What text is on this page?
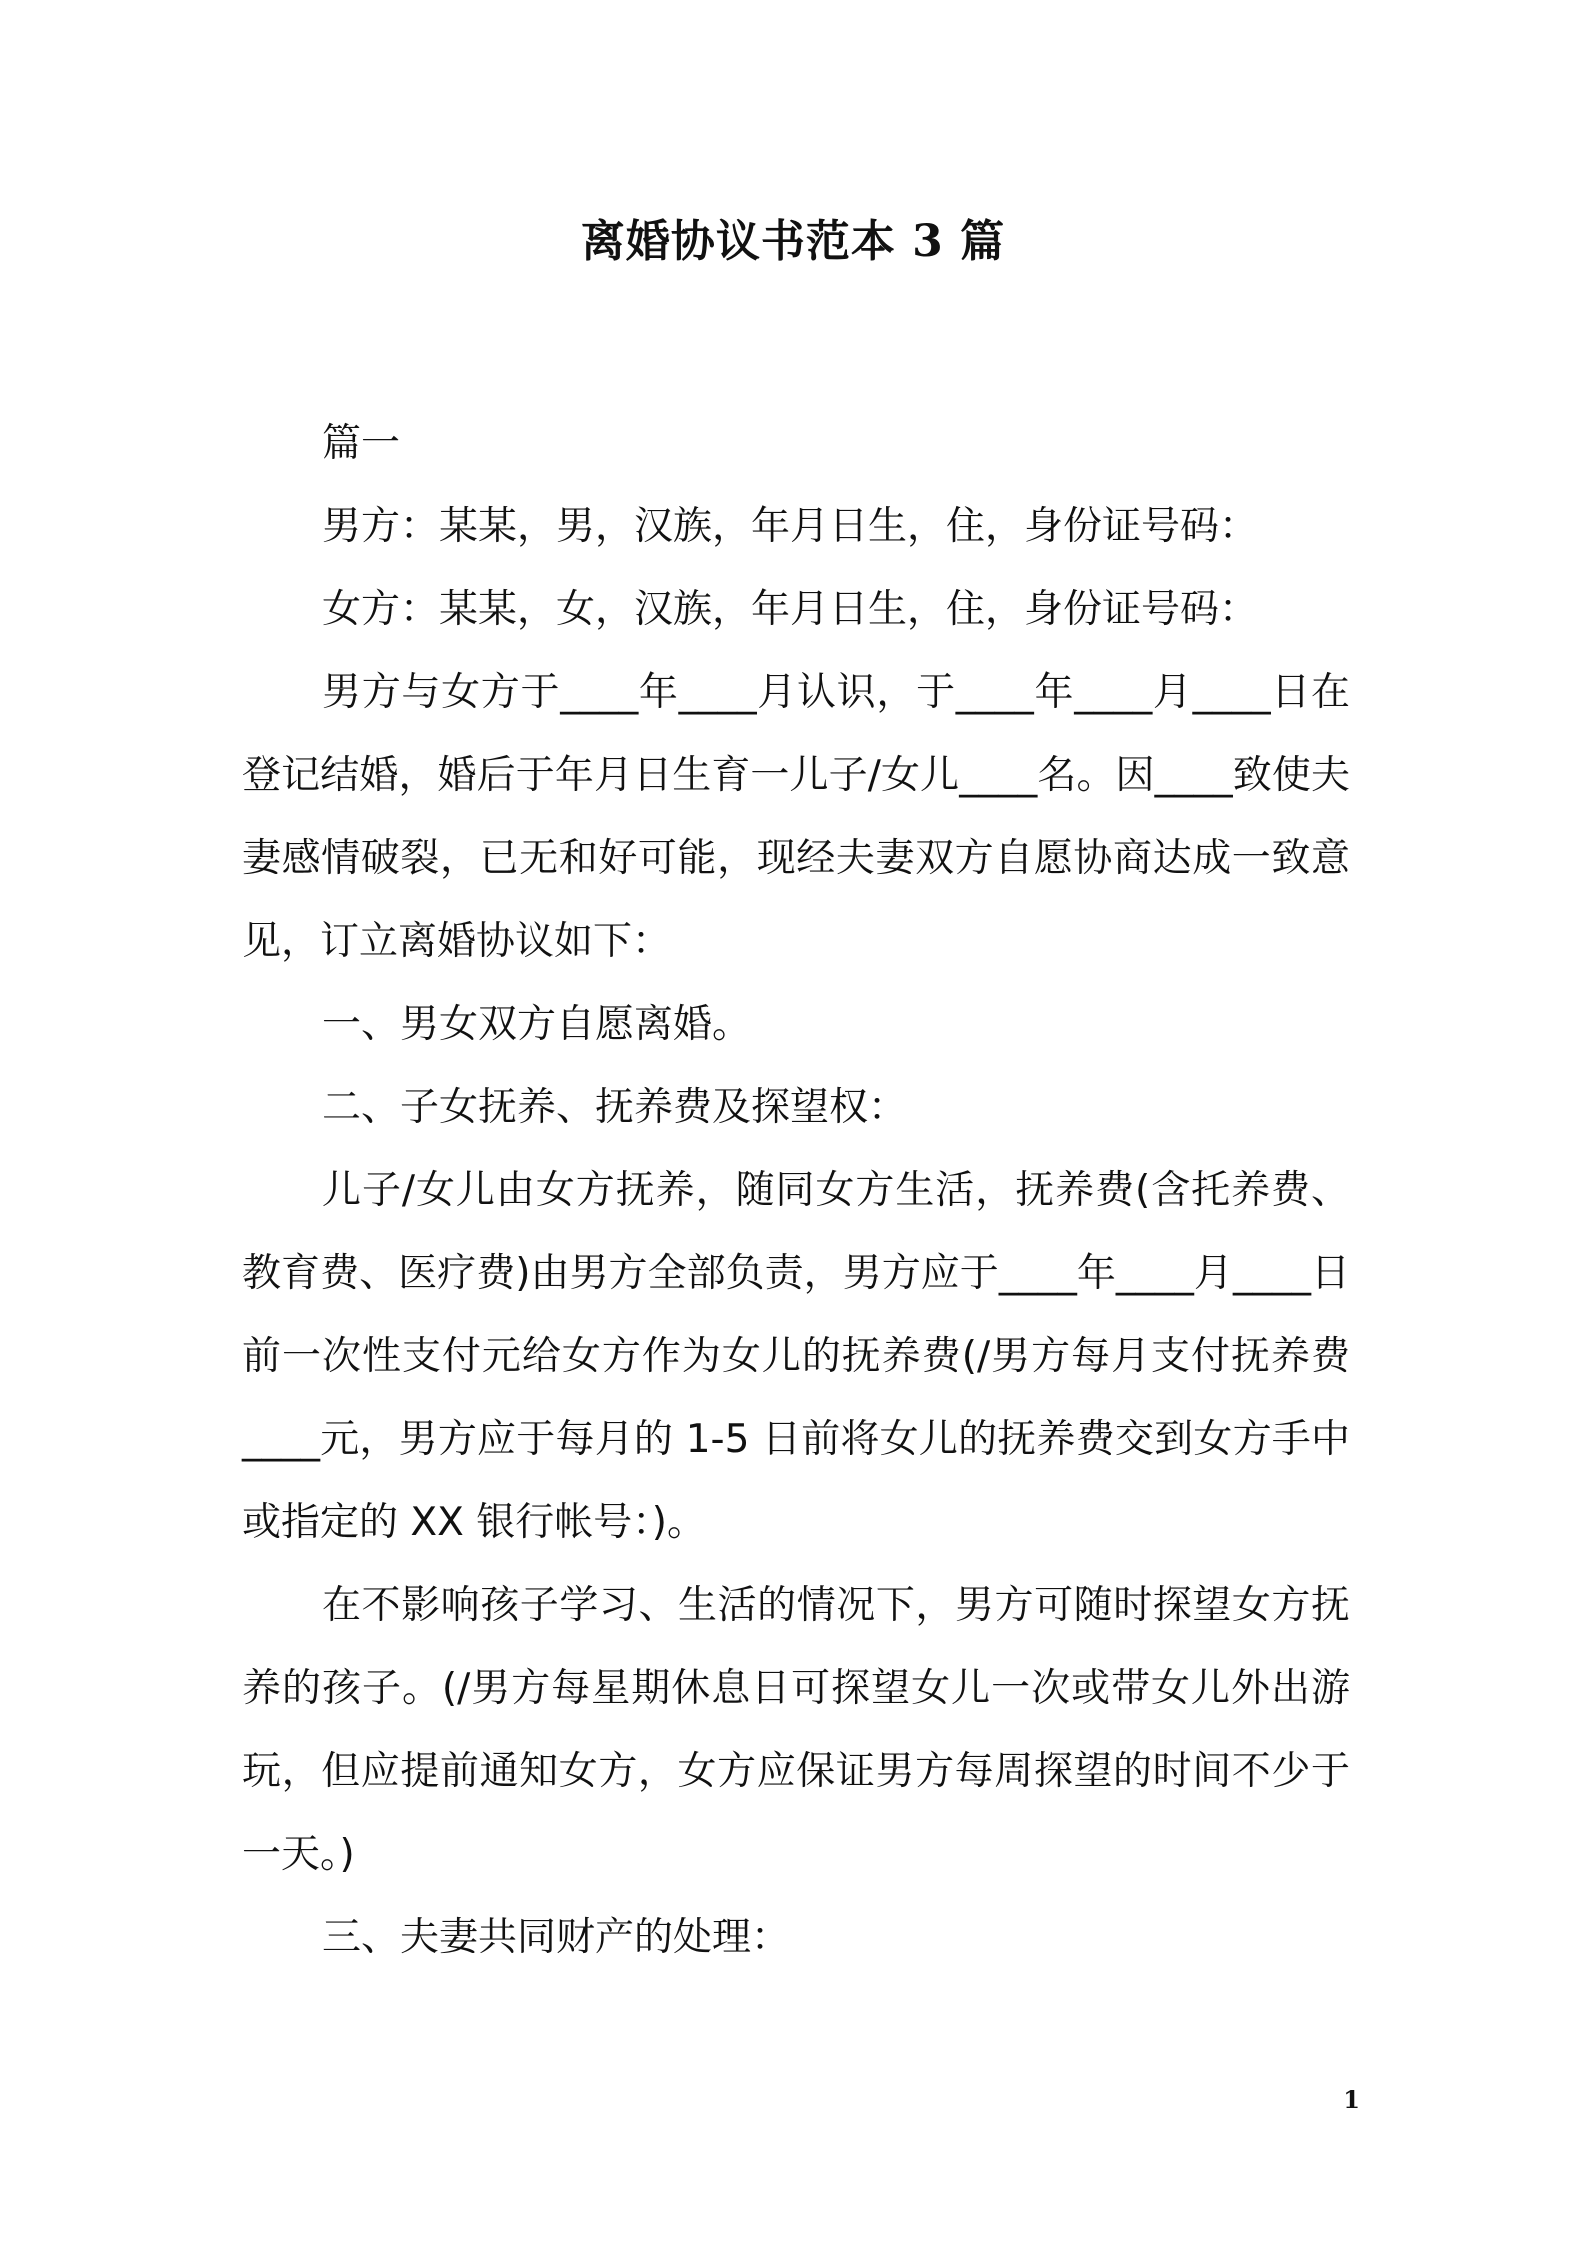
离婚协议书范本 3 篇

篇一

男方：某某，男，汉族，年月日生，住，身份证号码：

女方：某某，女，汉族，年月日生，住，身份证号码：

男方与女方于____年____月认识，于____年____月____日在登记结婚，婚后于年月日生育一儿子/女儿____名。因____致使夫妻感情破裂，已无和好可能，现经夫妻双方自愿协商达成一致意见，订立离婚协议如下：

一、男女双方自愿离婚。

二、子女抚养、抚养费及探望权：

儿子/女儿由女方抚养，随同女方生活，抚养费(含托养费、教育费、医疗费)由男方全部负责，男方应于____年____月____日前一次性支付元给女方作为女儿的抚养费(/男方每月支付抚养费____元，男方应于每月的 1-5 日前将女儿的抚养费交到女方手中或指定的 XX 银行帐号：)。

在不影响孩子学习、生活的情况下，男方可随时探望女方抚养的孩子。(/男方每星期休息日可探望女儿一次或带女儿外出游玩，但应提前通知女方，女方应保证男方每周探望的时间不少于一天。)

三、夫妻共同财产的处理：

1
